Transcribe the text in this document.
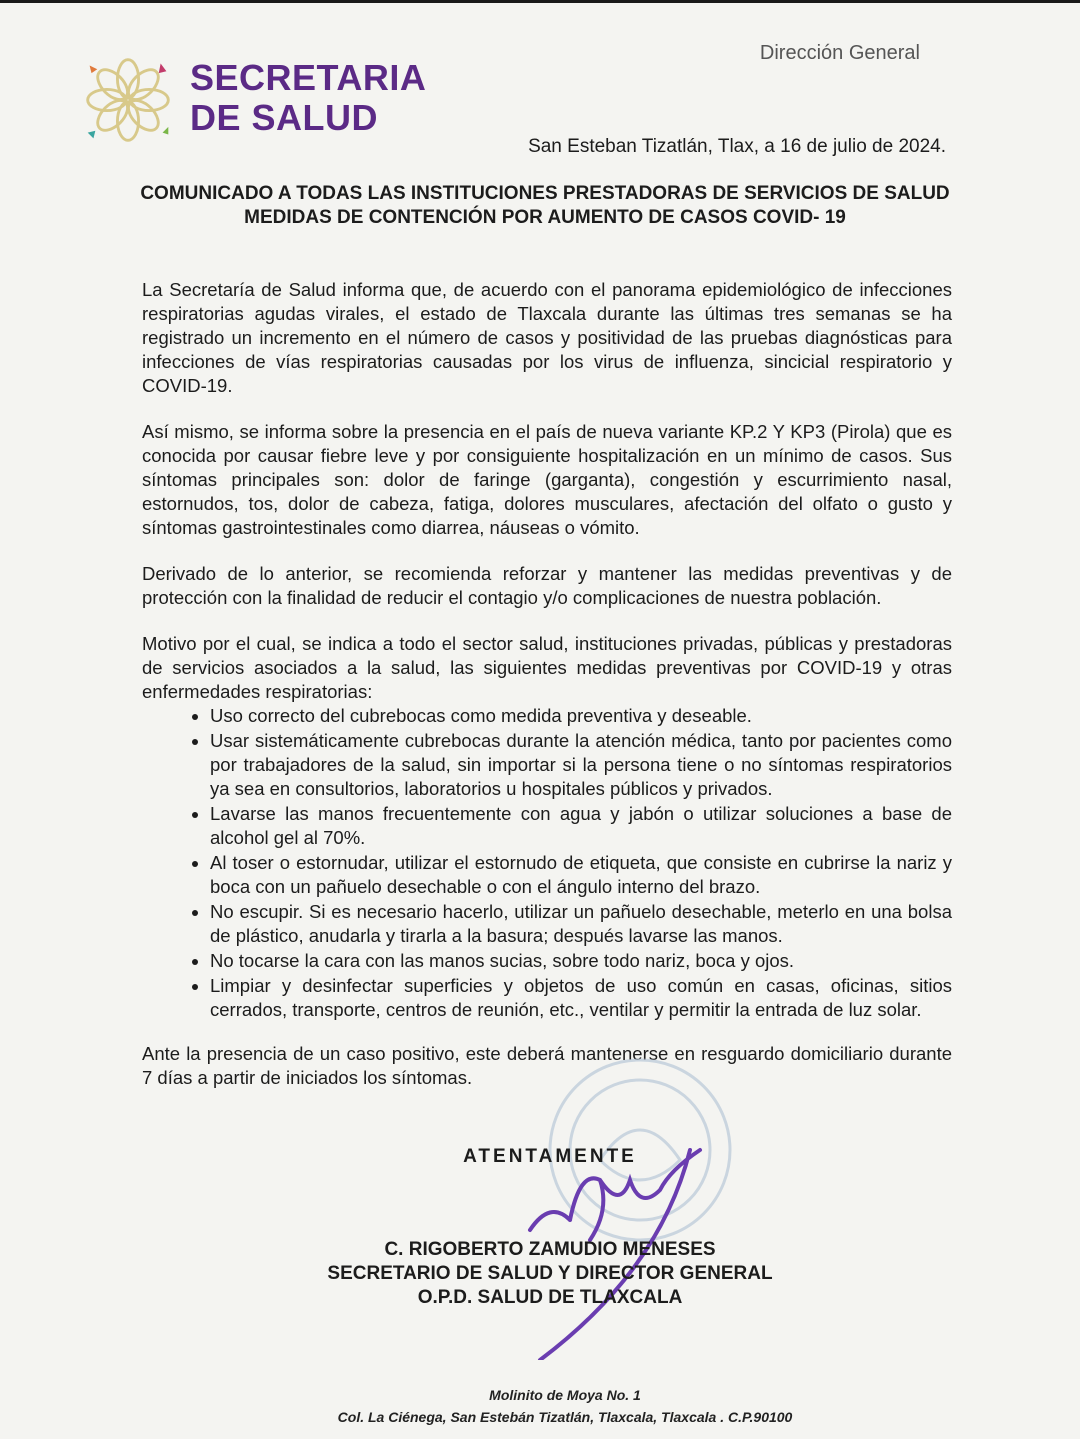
SECRETARIA
DE SALUD
Dirección General
San Esteban Tizatlán, Tlax, a 16 de julio de 2024.
COMUNICADO A TODAS LAS INSTITUCIONES PRESTADORAS DE SERVICIOS DE SALUD
MEDIDAS DE CONTENCIÓN POR AUMENTO DE CASOS COVID- 19

La Secretaría de Salud informa que, de acuerdo con el panorama epidemiológico de infecciones respiratorias agudas virales, el estado de Tlaxcala durante las últimas tres semanas se ha registrado un incremento en el número de casos y positividad de las pruebas diagnósticas para infecciones de vías respiratorias causadas por los virus de influenza, sincicial respiratorio y COVID-19.

Así mismo, se informa sobre la presencia en el país de nueva variante KP.2 Y KP3 (Pirola) que es conocida por causar fiebre leve y por consiguiente hospitalización en un mínimo de casos. Sus síntomas principales son: dolor de faringe (garganta), congestión y escurrimiento nasal, estornudos, tos, dolor de cabeza, fatiga, dolores musculares, afectación del olfato o gusto y síntomas gastrointestinales como diarrea, náuseas o vómito.

Derivado de lo anterior, se recomienda reforzar y mantener las medidas preventivas y de protección con la finalidad de reducir el contagio y/o complicaciones de nuestra población.

Motivo por el cual, se indica a todo el sector salud, instituciones privadas, públicas y prestadoras de servicios asociados a la salud, las siguientes medidas preventivas por COVID-19 y otras enfermedades respiratorias:

• Uso correcto del cubrebocas como medida preventiva y deseable.
• Usar sistemáticamente cubrebocas durante la atención médica, tanto por pacientes como por trabajadores de la salud, sin importar si la persona tiene o no síntomas respiratorios ya sea en consultorios, laboratorios u hospitales públicos y privados.
• Lavarse las manos frecuentemente con agua y jabón o utilizar soluciones a base de alcohol gel al 70%.
• Al toser o estornudar, utilizar el estornudo de etiqueta, que consiste en cubrirse la nariz y boca con un pañuelo desechable o con el ángulo interno del brazo.
• No escupir. Si es necesario hacerlo, utilizar un pañuelo desechable, meterlo en una bolsa de plástico, anudarla y tirarla a la basura; después lavarse las manos.
• No tocarse la cara con las manos sucias, sobre todo nariz, boca y ojos.
• Limpiar y desinfectar superficies y objetos de uso común en casas, oficinas, sitios cerrados, transporte, centros de reunión, etc., ventilar y permitir la entrada de luz solar.

Ante la presencia de un caso positivo, este deberá mantenerse en resguardo domiciliario durante 7 días a partir de iniciados los síntomas.

ATENTAMENTE
C. RIGOBERTO ZAMUDIO MENESES
SECRETARIO DE SALUD Y DIRECTOR GENERAL
O.P.D. SALUD DE TLAXCALA
Molinito de Moya No. 1
Col. La Ciénega, San Estebán Tizatlán, Tlaxcala, Tlaxcala . C.P.90100
